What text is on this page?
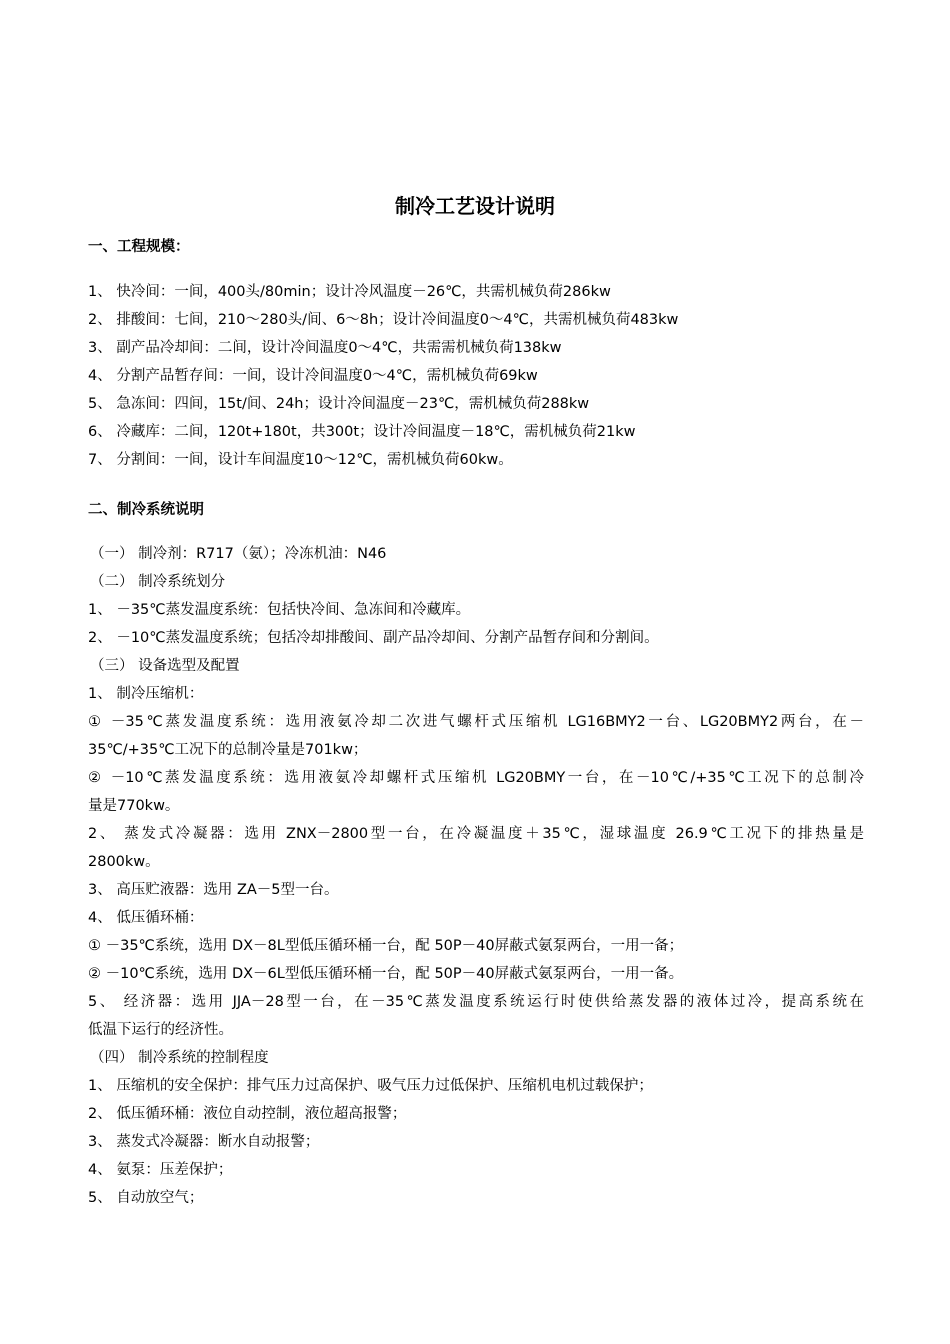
制冷工艺设计说明
一、工程规模：
1、 快冷间：一间，400头/80min；设计冷风温度－26℃，共需机械负荷286kw
2、 排酸间：七间，210～280头/间、6～8h；设计冷间温度0～4℃，共需机械负荷483kw
3、 副产品冷却间：二间，设计冷间温度0～4℃，共需需机械负荷138kw
4、 分割产品暂存间：一间，设计冷间温度0～4℃，需机械负荷69kw
5、 急冻间：四间，15t/间、24h；设计冷间温度－23℃，需机械负荷288kw
6、 冷藏库：二间，120t+180t，共300t；设计冷间温度－18℃，需机械负荷21kw
7、 分割间：一间，设计车间温度10～12℃，需机械负荷60kw。
二、制冷系统说明
（一） 制冷剂：R717（氨）；冷冻机油：N46
（二） 制冷系统划分
1、 －35℃蒸发温度系统：包括快冷间、急冻间和冷藏库。
2、 －10℃蒸发温度系统；包括冷却排酸间、副产品冷却间、分割产品暂存间和分割间。
（三） 设备选型及配置
1、 制冷压缩机：
① －35℃蒸发温度系统：选用液氨冷却二次进气螺杆式压缩机 LG16BMY2一台、LG20BMY2两台，在－
35℃/+35℃工况下的总制冷量是701kw；
② －10℃蒸发温度系统：选用液氨冷却螺杆式压缩机 LG20BMY一台，在－10℃/+35℃工况下的总制冷
量是770kw。
2、 蒸发式冷凝器：选用 ZNX－2800型一台，在冷凝温度＋35℃，湿球温度 26.9℃工况下的排热量是
2800kw。
3、 高压贮液器：选用 ZA－5型一台。
4、 低压循环桶：
① －35℃系统，选用 DX－8L型低压循环桶一台，配 50P－40屏蔽式氨泵两台，一用一备；
② －10℃系统，选用 DX－6L型低压循环桶一台，配 50P－40屏蔽式氨泵两台，一用一备。
5、 经济器：选用 JJA－28型一台，在－35℃蒸发温度系统运行时使供给蒸发器的液体过冷，提高系统在
低温下运行的经济性。
（四） 制冷系统的控制程度
1、 压缩机的安全保护：排气压力过高保护、吸气压力过低保护、压缩机电机过载保护；
2、 低压循环桶：液位自动控制，液位超高报警；
3、 蒸发式冷凝器：断水自动报警；
4、 氨泵：压差保护；
5、 自动放空气；
